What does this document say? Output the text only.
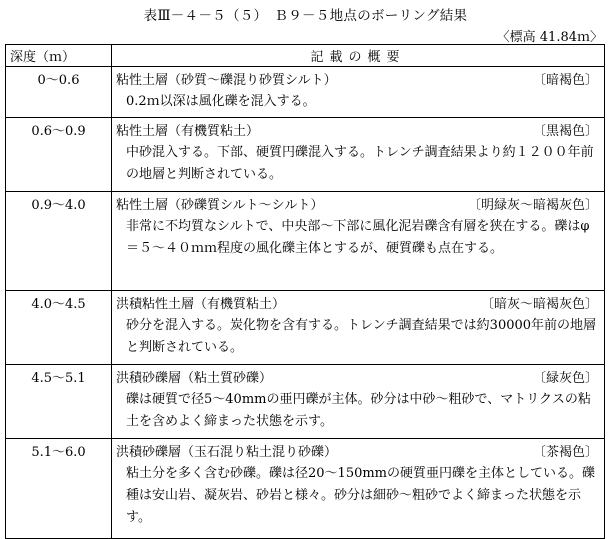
表Ⅲ－４－５（５）　Ｂ９－５地点のボーリング結果
〈標高 41.84ｍ〉
深度（ｍ）	記載の概要
0～0.6	粘性土層（砂質～礫混り砂質シルト） 〔暗褐色〕
0.2ｍ以深は風化礫を混入する。

0.6～0.9	粘性土層（有機質粘土） 〔黒褐色〕
中砂混入する。下部、硬質円礫混入する。トレンチ調査結果より約１２００年前の地層と判断されている。

0.9～4.0	粘性土層（砂礫質シルト～シルト） 〔明緑灰～暗褐灰色〕
非常に不均質なシルトで、中央部～下部に風化泥岩礫含有層を狭在する。礫はφ＝５～４０ｍｍ程度の風化礫主体とするが、硬質礫も点在する。

4.0～4.5	洪積粘性土層（有機質粘土） 〔暗灰～暗褐灰色〕
砂分を混入する。炭化物を含有する。トレンチ調査結果では約30000年前の地層と判断されている。

4.5～5.1	洪積砂礫層（粘土質砂礫） 〔緑灰色〕
礫は硬質で径5～40mmの亜円礫が主体。砂分は中砂～粗砂で、マトリクスの粘土を含めよく締まった状態を示す。

5.1～6.0	洪積砂礫層（玉石混り粘土混り砂礫） 〔茶褐色〕
粘土分を多く含む砂礫。礫は径20～150mmの硬質亜円礫を主体としている。礫種は安山岩、凝灰岩、砂岩と様々。砂分は細砂～粗砂でよく締まった状態を示す。
